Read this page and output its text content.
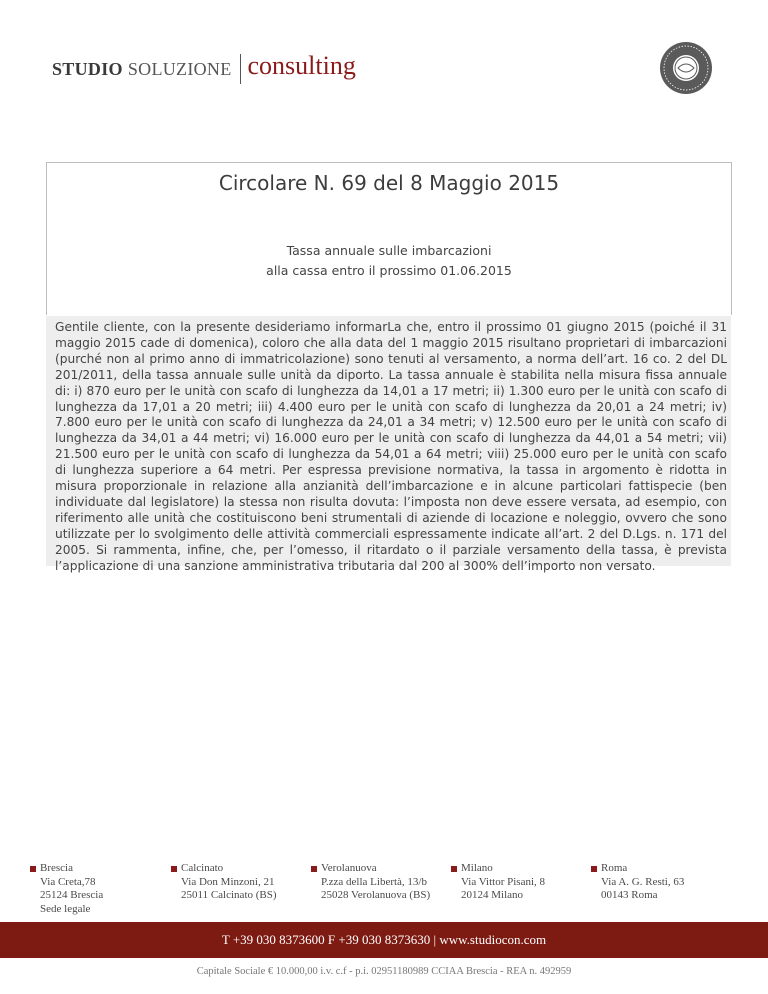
STUDIO SOLUZIONE consulting
Circolare N. 69 del 8 Maggio 2015
Tassa annuale sulle imbarcazioni
alla cassa entro il prossimo 01.06.2015

Gentile cliente, con la presente desideriamo informarLa che, entro il prossimo 01 giugno 2015 (poiché il 31 maggio 2015 cade di domenica), coloro che alla data del 1 maggio 2015 risultano proprietari di imbarcazioni (purché non al primo anno di immatricolazione) sono tenuti al versamento, a norma dell’art. 16 co. 2 del DL 201/2011, della tassa annuale sulle unità da diporto. La tassa annuale è stabilita nella misura fissa annuale di: i) 870 euro per le unità con scafo di lunghezza da 14,01 a 17 metri; ii) 1.300 euro per le unità con scafo di lunghezza da 17,01 a 20 metri; iii) 4.400 euro per le unità con scafo di lunghezza da 20,01 a 24 metri; iv) 7.800 euro per le unità con scafo di lunghezza da 24,01 a 34 metri; v) 12.500 euro per le unità con scafo di lunghezza da 34,01 a 44 metri; vi) 16.000 euro per le unità con scafo di lunghezza da 44,01 a 54 metri; vii) 21.500 euro per le unità con scafo di lunghezza da 54,01 a 64 metri; viii) 25.000 euro per le unità con scafo di lunghezza superiore a 64 metri. Per espressa previsione normativa, la tassa in argomento è ridotta in misura proporzionale in relazione alla anzianità dell’imbarcazione e in alcune particolari fattispecie (ben individuate dal legislatore) la stessa non risulta dovuta: l’imposta non deve essere versata, ad esempio, con riferimento alle unità che costituiscono beni strumentali di aziende di locazione e noleggio, ovvero che sono utilizzate per lo svolgimento delle attività commerciali espressamente indicate all’art. 2 del D.Lgs. n. 171 del 2005. Si rammenta, infine, che, per l’omesso, il ritardato o il parziale versamento della tassa, è prevista l’applicazione di una sanzione amministrativa tributaria dal 200 al 300% dell’importo non versato.

Brescia
Via Creta,78
25124 Brescia
Sede legale
Calcinato
Via Don Minzoni, 21
25011 Calcinato (BS)
Verolanuova
P.zza della Libertà, 13/b
25028 Verolanuova (BS)
Milano
Via Vittor Pisani, 8
20124 Milano
Roma
Via A. G. Resti, 63
00143 Roma
T +39 030 8373600 F +39 030 8373630 | www.studiocon.com
Capitale Sociale € 10.000,00 i.v. c.f - p.i. 02951180989 CCIAA Brescia - REA n. 492959
